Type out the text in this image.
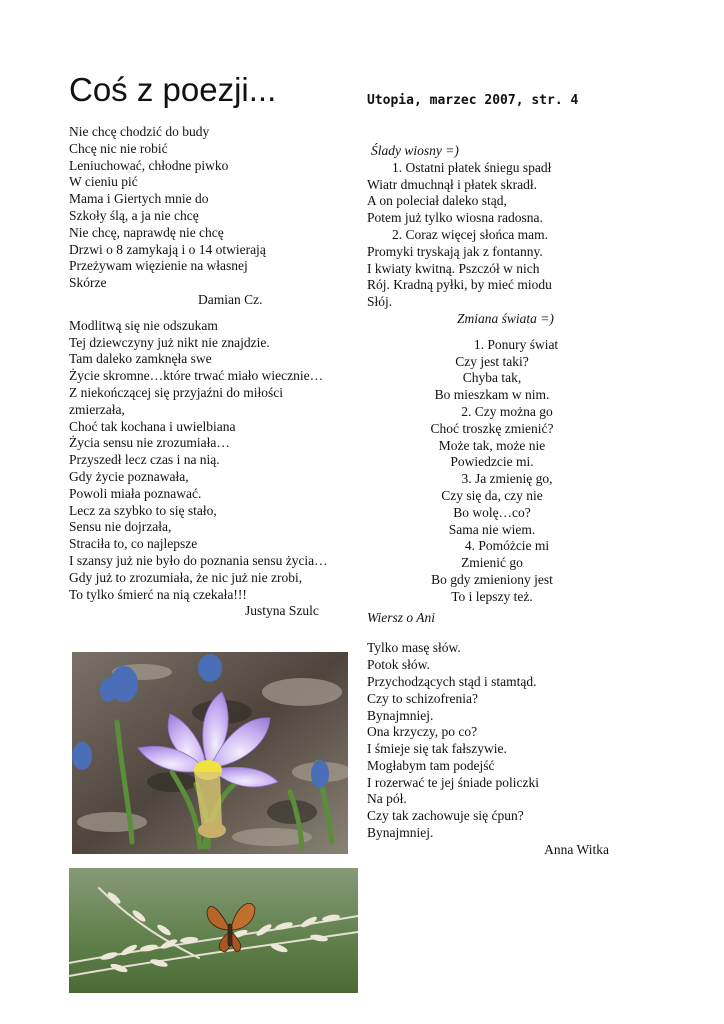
Coś z poezji...	Utopia, marzec 2007, str. 4
Nie chcę chodzić do budy
Chcę nic nie robić
Leniuchować, chłodne piwko
W cieniu pić
Mama i Giertych mnie do
Szkoły ślą, a ja nie chcę
Nie chcę, naprawdę nie chcę
Drzwi o 8 zamykają i o 14 otwierają
Przeżywam więzienie na własnej
Skórze
Damian Cz.
Modlitwą się nie odszukam
Tej dziewczyny już nikt nie znajdzie.
Tam daleko zamknęła swe
Życie skromne…które trwać miało wiecznie…
Z niekończącej się przyjaźni do miłości
zmierzała,
Choć tak kochana i uwielbiana
Życia sensu nie zrozumiała…
Przyszedł lecz czas i na nią.
Gdy życie poznawała,
Powoli miała poznawać.
Lecz za szybko to się stało,
Sensu nie dojrzała,
Straciła to, co najlepsze
I szansy już nie było do poznania sensu życia…
Gdy już to zrozumiała, że nic już nie zrobi,
To tylko śmierć na nią czekała!!!
Justyna Szulc
Ślady wiosny =)
1. Ostatni płatek śniegu spadł
Wiatr dmuchnął i płatek skradł.
A on poleciał daleko stąd,
Potem już tylko wiosna radosna.
2. Coraz więcej słońca mam.
Promyki tryskają jak z fontanny.
I kwiaty kwitną. Pszczół w nich
Rój. Kradną pyłki, by mieć miodu
Słój.
Zmiana świata =)
1. Ponury świat
Czy jest taki?
Chyba tak,
Bo mieszkam w nim.
2. Czy można go
Choć troszkę zmienić?
Może tak, może nie
Powiedzcie mi.
3. Ja zmienię go,
Czy się da, czy nie
Bo wolę…co?
Sama nie wiem.
4. Pomóżcie mi
Zmienić go
Bo gdy zmieniony jest
To i lepszy też.
Wiersz o Ani
Tylko masę słów.
Potok słów.
Przychodzących stąd i stamtąd.
Czy to schizofrenia?
Bynajmniej.
Ona krzyczy, po co?
I śmieje się tak fałszywie.
Mogłabym tam podejść
I rozerwać te jej śniade policzki
Na pół.
Czy tak zachowuje się ćpun?
Bynajmniej.
Anna Witka
